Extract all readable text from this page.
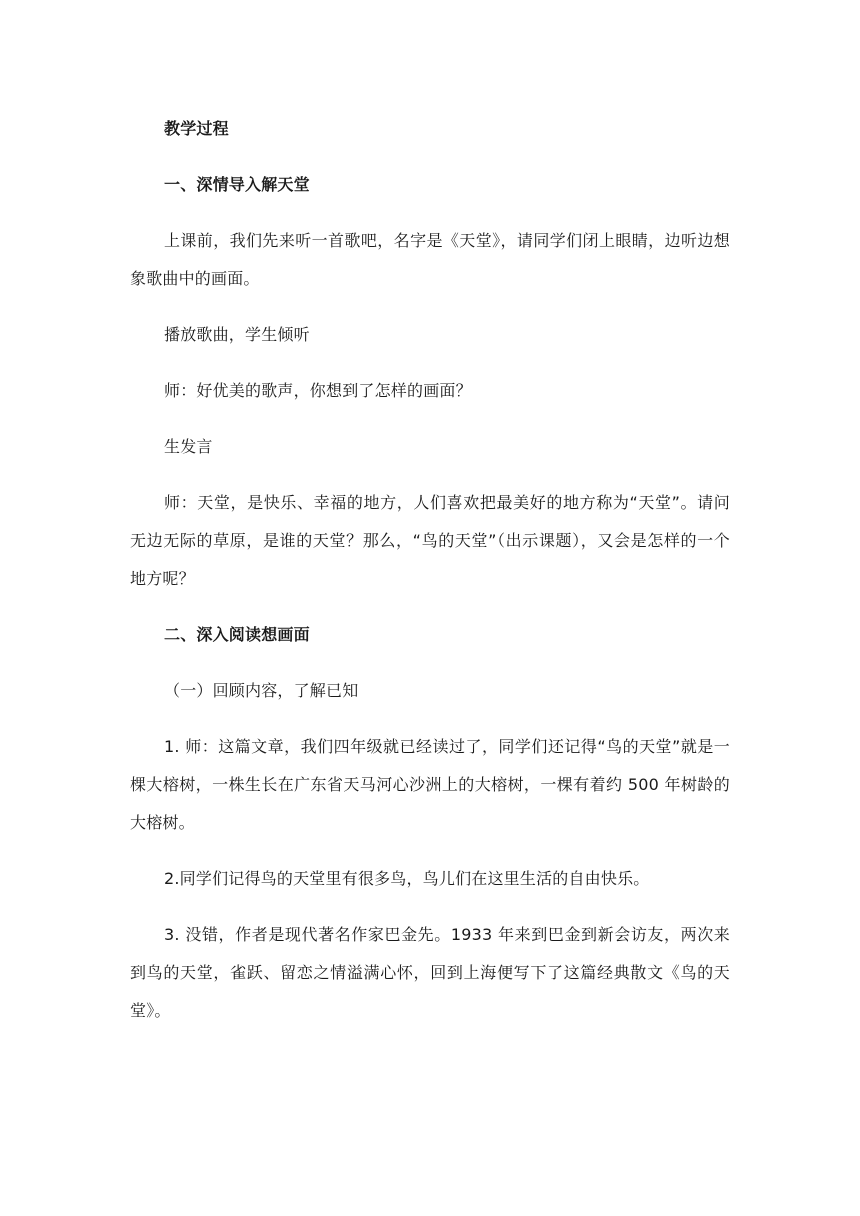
教学过程

一、深情导入解天堂

上课前，我们先来听一首歌吧，名字是《天堂》，请同学们闭上眼睛，边听边想象歌曲中的画面。

播放歌曲，学生倾听

师：好优美的歌声，你想到了怎样的画面？

生发言

师：天堂，是快乐、幸福的地方，人们喜欢把最美好的地方称为“天堂”。请问无边无际的草原，是谁的天堂？那么，“鸟的天堂”（出示课题），又会是怎样的一个地方呢？

二、深入阅读想画面

（一）回顾内容，了解已知

1. 师：这篇文章，我们四年级就已经读过了，同学们还记得“鸟的天堂”就是一棵大榕树，一株生长在广东省天马河心沙洲上的大榕树，一棵有着约 500 年树龄的大榕树。

2.同学们记得鸟的天堂里有很多鸟，鸟儿们在这里生活的自由快乐。

3. 没错，作者是现代著名作家巴金先。1933 年来到巴金到新会访友，两次来到鸟的天堂，雀跃、留恋之情溢满心怀，回到上海便写下了这篇经典散文《鸟的天堂》。
